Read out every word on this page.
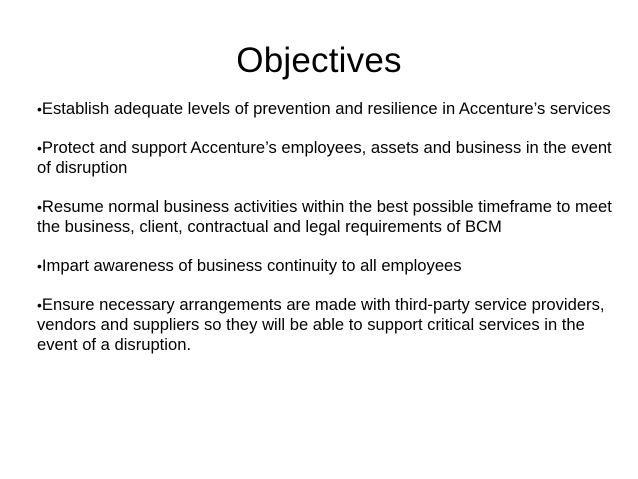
Objectives
•Establish adequate levels of prevention and resilience in Accenture’s services
•Protect and support Accenture’s employees, assets and business in the event of disruption
•Resume normal business activities within the best possible timeframe to meet the business, client, contractual and legal requirements of BCM
•Impart awareness of business continuity to all employees
•Ensure necessary arrangements are made with third-party service providers, vendors and suppliers so they will be able to support critical services in the event of a disruption.
